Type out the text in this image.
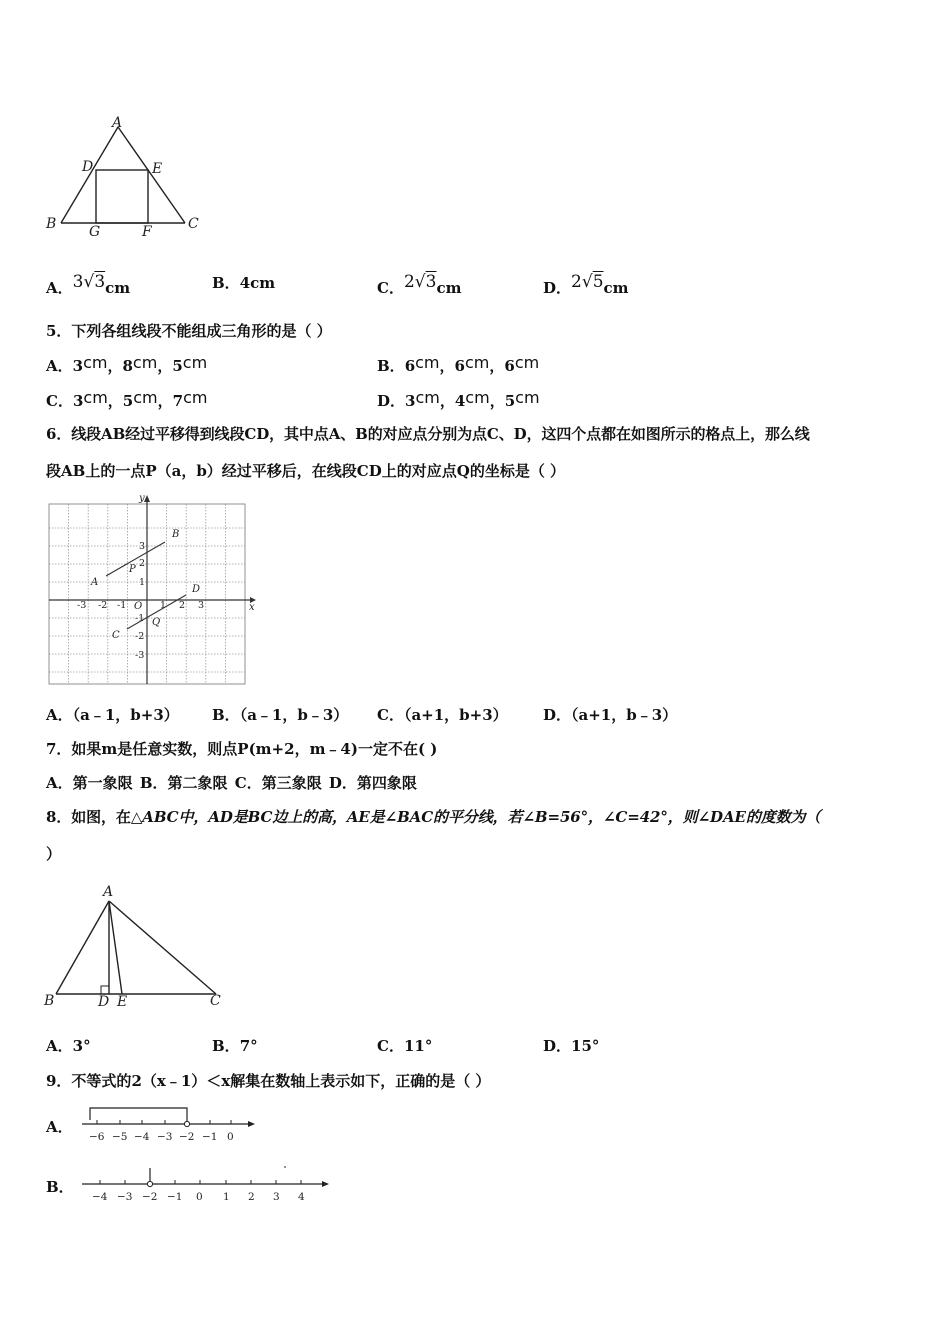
A
D	E
B	C
G	F
A．3√3cm	B．4cm	C．2√3cm	D．2√5cm
5．下列各组线段不能组成三角形的是（ ）
A．3cm，8cm，5cm	B．6cm，6cm，6cm
C．3cm，5cm，7cm	D．3cm，4cm，5cm
6．线段AB经过平移得到线段CD，其中点A、B的对应点分别为点C、D，这四个点都在如图所示的格点上，那么线
段AB上的一点P（a，b）经过平移后，在线段CD上的对应点Q的坐标是（ ）
x
y
O
-3 -2 -1	1 2 3
3
2
1
-1
-2
-3
A
B
C
D
P
Q
A．（a﹣1，b+3） B．（a﹣1，b﹣3） C．（a+1，b+3） D．（a+1，b﹣3）
7．如果m是任意实数，则点P(m+2，m﹣4)一定不在( )
A．第一象限 B．第二象限 C．第三象限 D．第四象限
8．如图，在△ABC中，AD是BC边上的高，AE是∠BAC的平分线，若∠B=56°，∠C=42°，则∠DAE的度数为（
）
A
B	D E	C
A．3°	B．7°	C．11°	D．15°
9．不等式的2（x﹣1）＜x解集在数轴上表示如下，正确的是（ ）
A．
−6 −5 −4 −3 −2 −1 0
B．
−4 −3 −2 −1 0 1 2 3 4
